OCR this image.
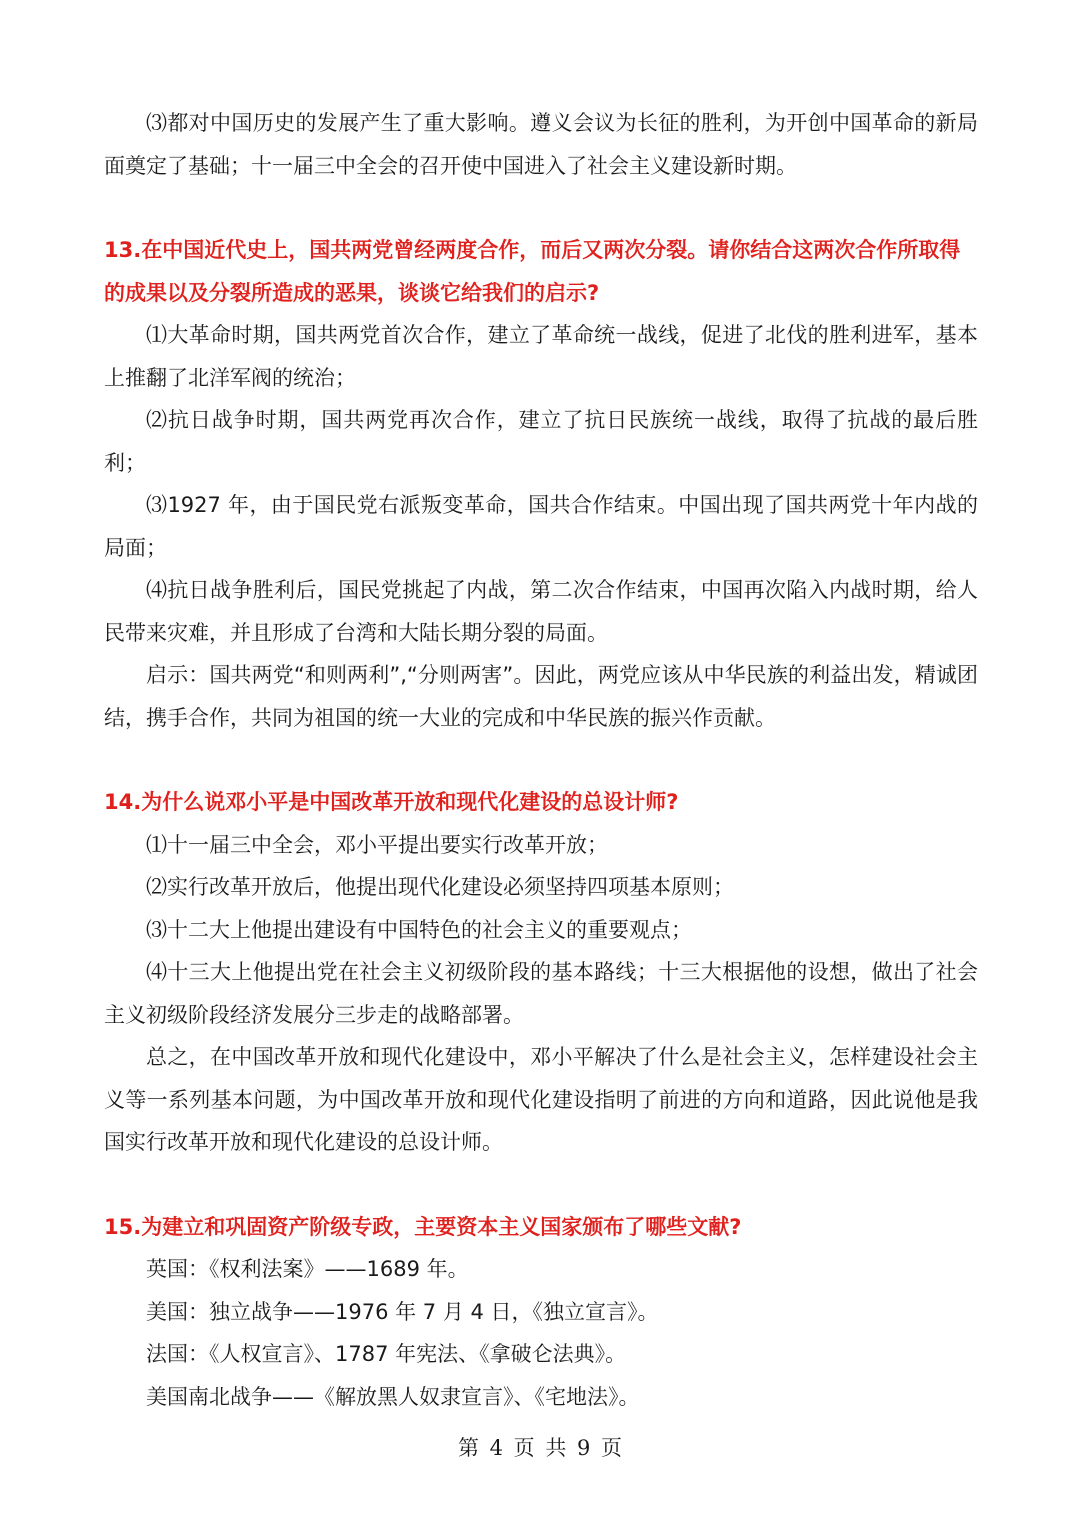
⑶都对中国历史的发展产生了重大影响。遵义会议为长征的胜利，为开创中国革命的新局面奠定了基础；十一届三中全会的召开使中国进入了社会主义建设新时期。

13.在中国近代史上，国共两党曾经两度合作，而后又两次分裂。请你结合这两次合作所取得的成果以及分裂所造成的恶果，谈谈它给我们的启示?

⑴大革命时期，国共两党首次合作，建立了革命统一战线，促进了北伐的胜利进军，基本上推翻了北洋军阀的统治；

⑵抗日战争时期，国共两党再次合作，建立了抗日民族统一战线，取得了抗战的最后胜利；

⑶1927 年，由于国民党右派叛变革命，国共合作结束。中国出现了国共两党十年内战的局面；

⑷抗日战争胜利后，国民党挑起了内战，第二次合作结束，中国再次陷入内战时期，给人民带来灾难，并且形成了台湾和大陆长期分裂的局面。

启示：国共两党“和则两利”,“分则两害”。因此，两党应该从中华民族的利益出发，精诚团结，携手合作，共同为祖国的统一大业的完成和中华民族的振兴作贡献。

14.为什么说邓小平是中国改革开放和现代化建设的总设计师?

⑴十一届三中全会，邓小平提出要实行改革开放；

⑵实行改革开放后，他提出现代化建设必须坚持四项基本原则；

⑶十二大上他提出建设有中国特色的社会主义的重要观点；

⑷十三大上他提出党在社会主义初级阶段的基本路线；十三大根据他的设想，做出了社会主义初级阶段经济发展分三步走的战略部署。

总之，在中国改革开放和现代化建设中，邓小平解决了什么是社会主义，怎样建设社会主义等一系列基本问题，为中国改革开放和现代化建设指明了前进的方向和道路，因此说他是我国实行改革开放和现代化建设的总设计师。

15.为建立和巩固资产阶级专政，主要资本主义国家颁布了哪些文献?

英国：《权利法案》——1689 年。

美国：独立战争——1976 年 7 月 4 日，《独立宣言》。

法国：《人权宣言》、1787 年宪法、《拿破仑法典》。

美国南北战争——《解放黑人奴隶宣言》、《宅地法》。

第 4 页 共 9 页
